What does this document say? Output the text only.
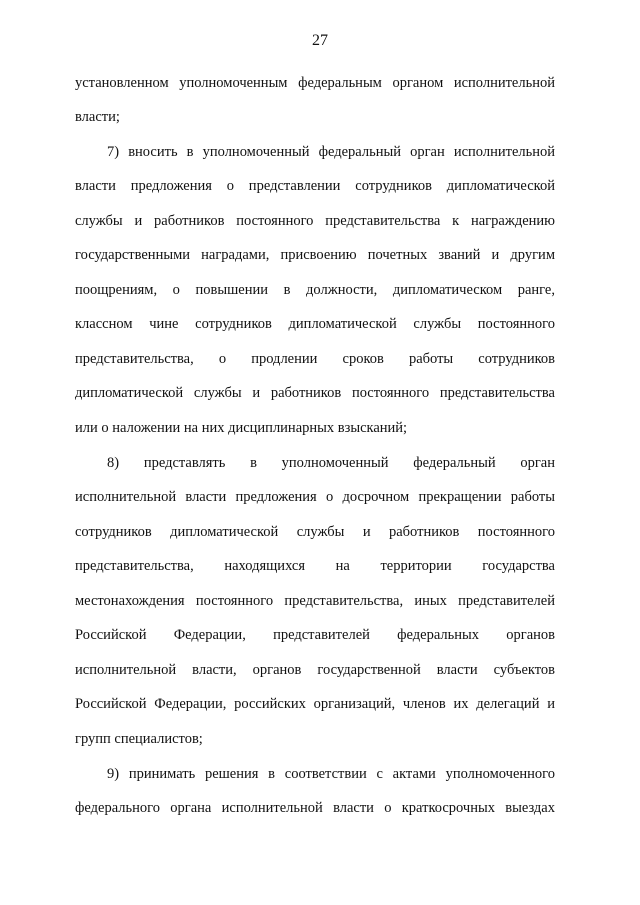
27
установленном уполномоченным федеральным органом исполнительной
власти;
7) вносить в уполномоченный федеральный орган исполнительной
власти предложения о представлении сотрудников дипломатической
службы и работников постоянного представительства к награждению
государственными наградами, присвоению почетных званий и другим
поощрениям, о повышении в должности, дипломатическом ранге,
классном чине сотрудников дипломатической службы постоянного
представительства, о продлении сроков работы сотрудников
дипломатической службы и работников постоянного представительства
или о наложении на них дисциплинарных взысканий;
8) представлять в уполномоченный федеральный орган
исполнительной власти предложения о досрочном прекращении работы
сотрудников дипломатической службы и работников постоянного
представительства, находящихся на территории государства
местонахождения постоянного представительства, иных представителей
Российской Федерации, представителей федеральных органов
исполнительной власти, органов государственной власти субъектов
Российской Федерации, российских организаций, членов их делегаций и
групп специалистов;
9) принимать решения в соответствии с актами уполномоченного
федерального органа исполнительной власти о краткосрочных выездах
